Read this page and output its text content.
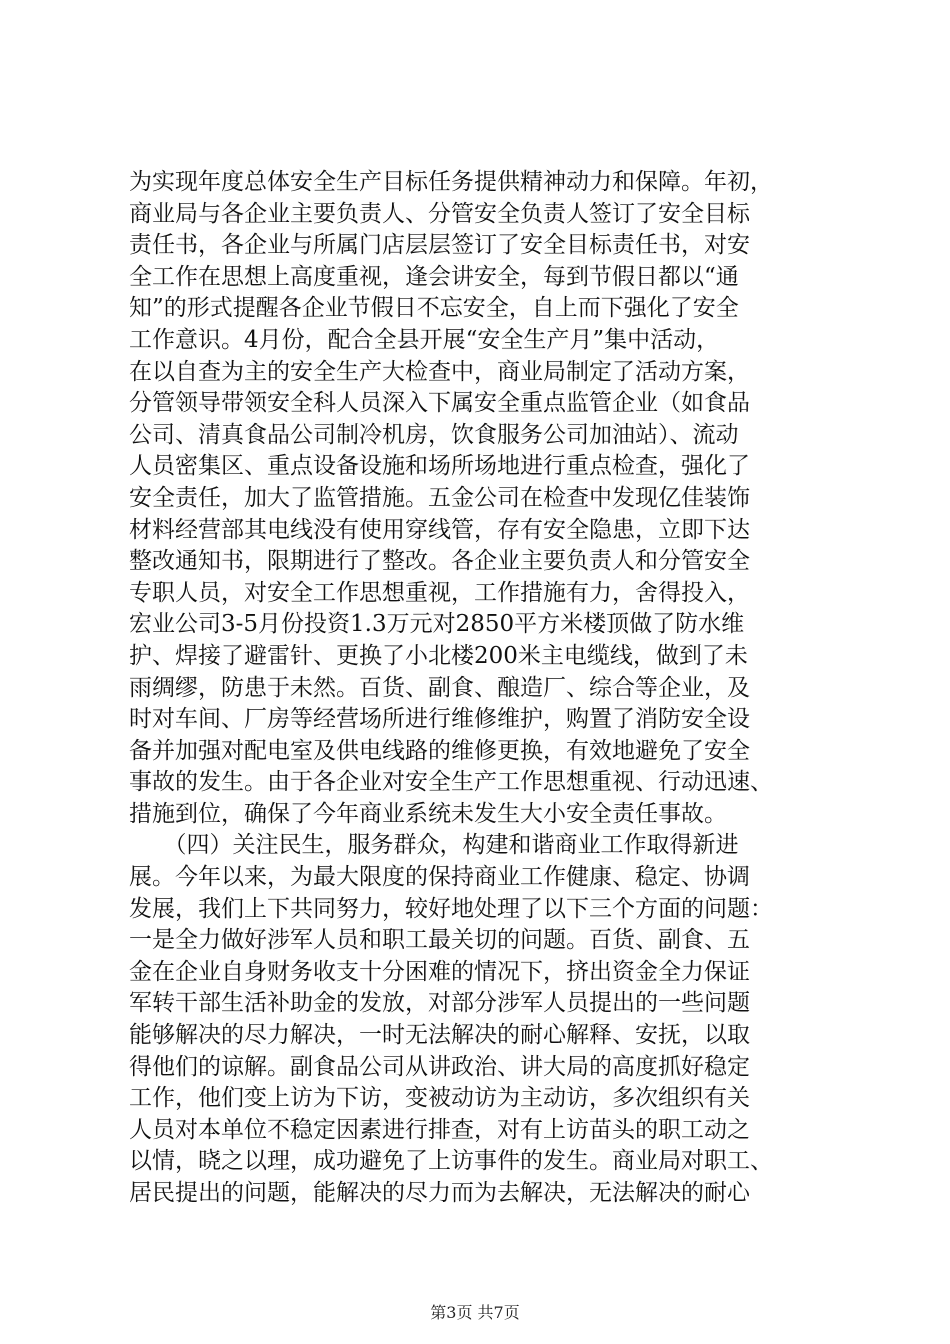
为实现年度总体安全生产目标任务提供精神动力和保障。年初，
商业局与各企业主要负责人、分管安全负责人签订了安全目标
责任书，各企业与所属门店层层签订了安全目标责任书，对安
全工作在思想上高度重视，逢会讲安全，每到节假日都以“通
知”的形式提醒各企业节假日不忘安全，自上而下强化了安全
工作意识。4月份，配合全县开展“安全生产月”集中活动，
在以自查为主的安全生产大检查中，商业局制定了活动方案，
分管领导带领安全科人员深入下属安全重点监管企业（如食品
公司、清真食品公司制冷机房，饮食服务公司加油站）、流动
人员密集区、重点设备设施和场所场地进行重点检查，强化了
安全责任，加大了监管措施。五金公司在检查中发现亿佳装饰
材料经营部其电线没有使用穿线管，存有安全隐患，立即下达
整改通知书，限期进行了整改。各企业主要负责人和分管安全
专职人员，对安全工作思想重视，工作措施有力，舍得投入，
宏业公司3-5月份投资1.3万元对2850平方米楼顶做了防水维
护、焊接了避雷针、更换了小北楼200米主电缆线，做到了未
雨绸缪，防患于未然。百货、副食、酿造厂、综合等企业，及
时对车间、厂房等经营场所进行维修维护，购置了消防安全设
备并加强对配电室及供电线路的维修更换，有效地避免了安全
事故的发生。由于各企业对安全生产工作思想重视、行动迅速、
措施到位，确保了今年商业系统未发生大小安全责任事故。
　　（四）关注民生，服务群众，构建和谐商业工作取得新进
展。今年以来，为最大限度的保持商业工作健康、稳定、协调
发展，我们上下共同努力，较好地处理了以下三个方面的问题：
一是全力做好涉军人员和职工最关切的问题。百货、副食、五
金在企业自身财务收支十分困难的情况下，挤出资金全力保证
军转干部生活补助金的发放，对部分涉军人员提出的一些问题
能够解决的尽力解决，一时无法解决的耐心解释、安抚，以取
得他们的谅解。副食品公司从讲政治、讲大局的高度抓好稳定
工作，他们变上访为下访，变被动访为主动访，多次组织有关
人员对本单位不稳定因素进行排查，对有上访苗头的职工动之
以情，晓之以理，成功避免了上访事件的发生。商业局对职工、
居民提出的问题，能解决的尽力而为去解决，无法解决的耐心
第3页 共7页
